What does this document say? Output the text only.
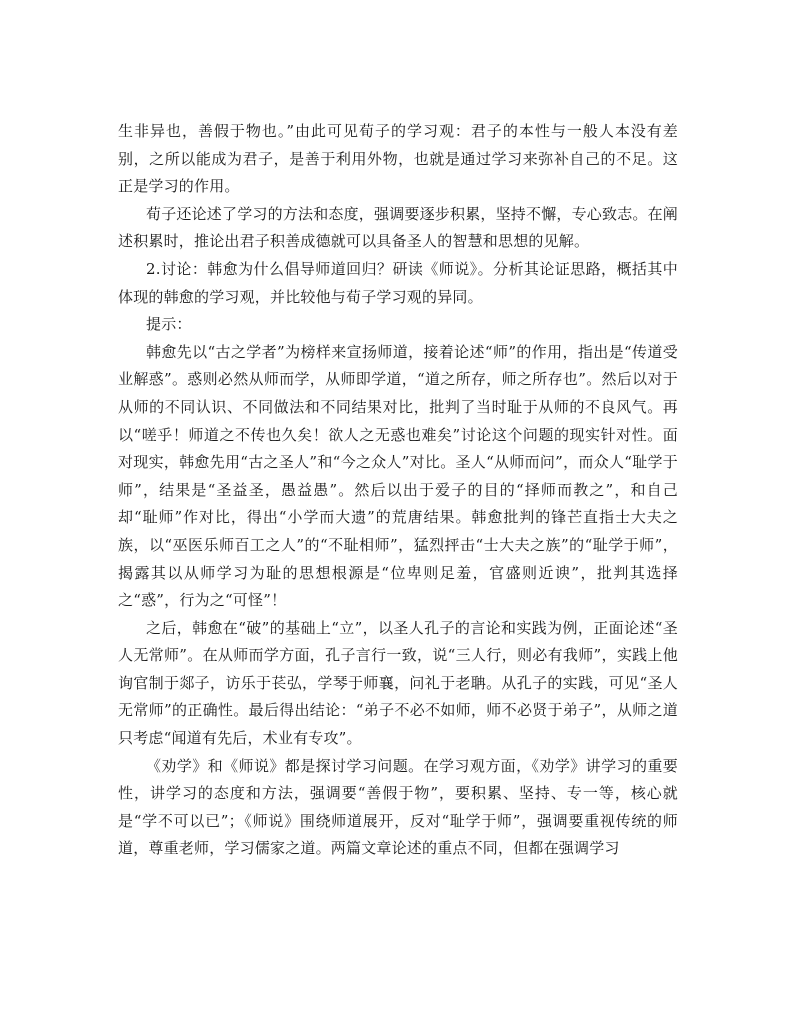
生非异也，善假于物也。”由此可见荀子的学习观：君子的本性与一般人本没有差别，之所以能成为君子，是善于利用外物，也就是通过学习来弥补自己的不足。这正是学习的作用。

荀子还论述了学习的方法和态度，强调要逐步积累，坚持不懈，专心致志。在阐述积累时，推论出君子积善成德就可以具备圣人的智慧和思想的见解。

2.讨论：韩愈为什么倡导师道回归？研读《师说》。分析其论证思路，概括其中体现的韩愈的学习观，并比较他与荀子学习观的异同。

提示：

韩愈先以“古之学者”为榜样来宣扬师道，接着论述“师”的作用，指出是“传道受业解惑”。惑则必然从师而学，从师即学道，“道之所存，师之所存也”。然后以对于从师的不同认识、不同做法和不同结果对比，批判了当时耻于从师的不良风气。再以“嗟乎！师道之不传也久矣！欲人之无惑也难矣”讨论这个问题的现实针对性。面对现实，韩愈先用“古之圣人”和“今之众人”对比。圣人“从师而问”，而众人“耻学于师”，结果是“圣益圣，愚益愚”。然后以出于爱子的目的“择师而教之”，和自己却“耻师”作对比，得出“小学而大遗”的荒唐结果。韩愈批判的锋芒直指士大夫之族，以“巫医乐师百工之人”的“不耻相师”，猛烈抨击“士大夫之族”的“耻学于师”，揭露其以从师学习为耻的思想根源是“位卑则足羞，官盛则近谀”，批判其选择之“惑”，行为之“可怪”！

之后，韩愈在“破”的基础上“立”，以圣人孔子的言论和实践为例，正面论述“圣人无常师”。在从师而学方面，孔子言行一致，说“三人行，则必有我师”，实践上他询官制于郯子，访乐于苌弘，学琴于师襄，问礼于老聃。从孔子的实践，可见“圣人无常师”的正确性。最后得出结论：“弟子不必不如师，师不必贤于弟子”，从师之道只考虑“闻道有先后，术业有专攻”。

《劝学》和《师说》都是探讨学习问题。在学习观方面，《劝学》讲学习的重要性，讲学习的态度和方法，强调要“善假于物”，要积累、坚持、专一等，核心就是“学不可以已”；《师说》围绕师道展开，反对“耻学于师”，强调要重视传统的师道，尊重老师，学习儒家之道。两篇文章论述的重点不同，但都在强调学习
